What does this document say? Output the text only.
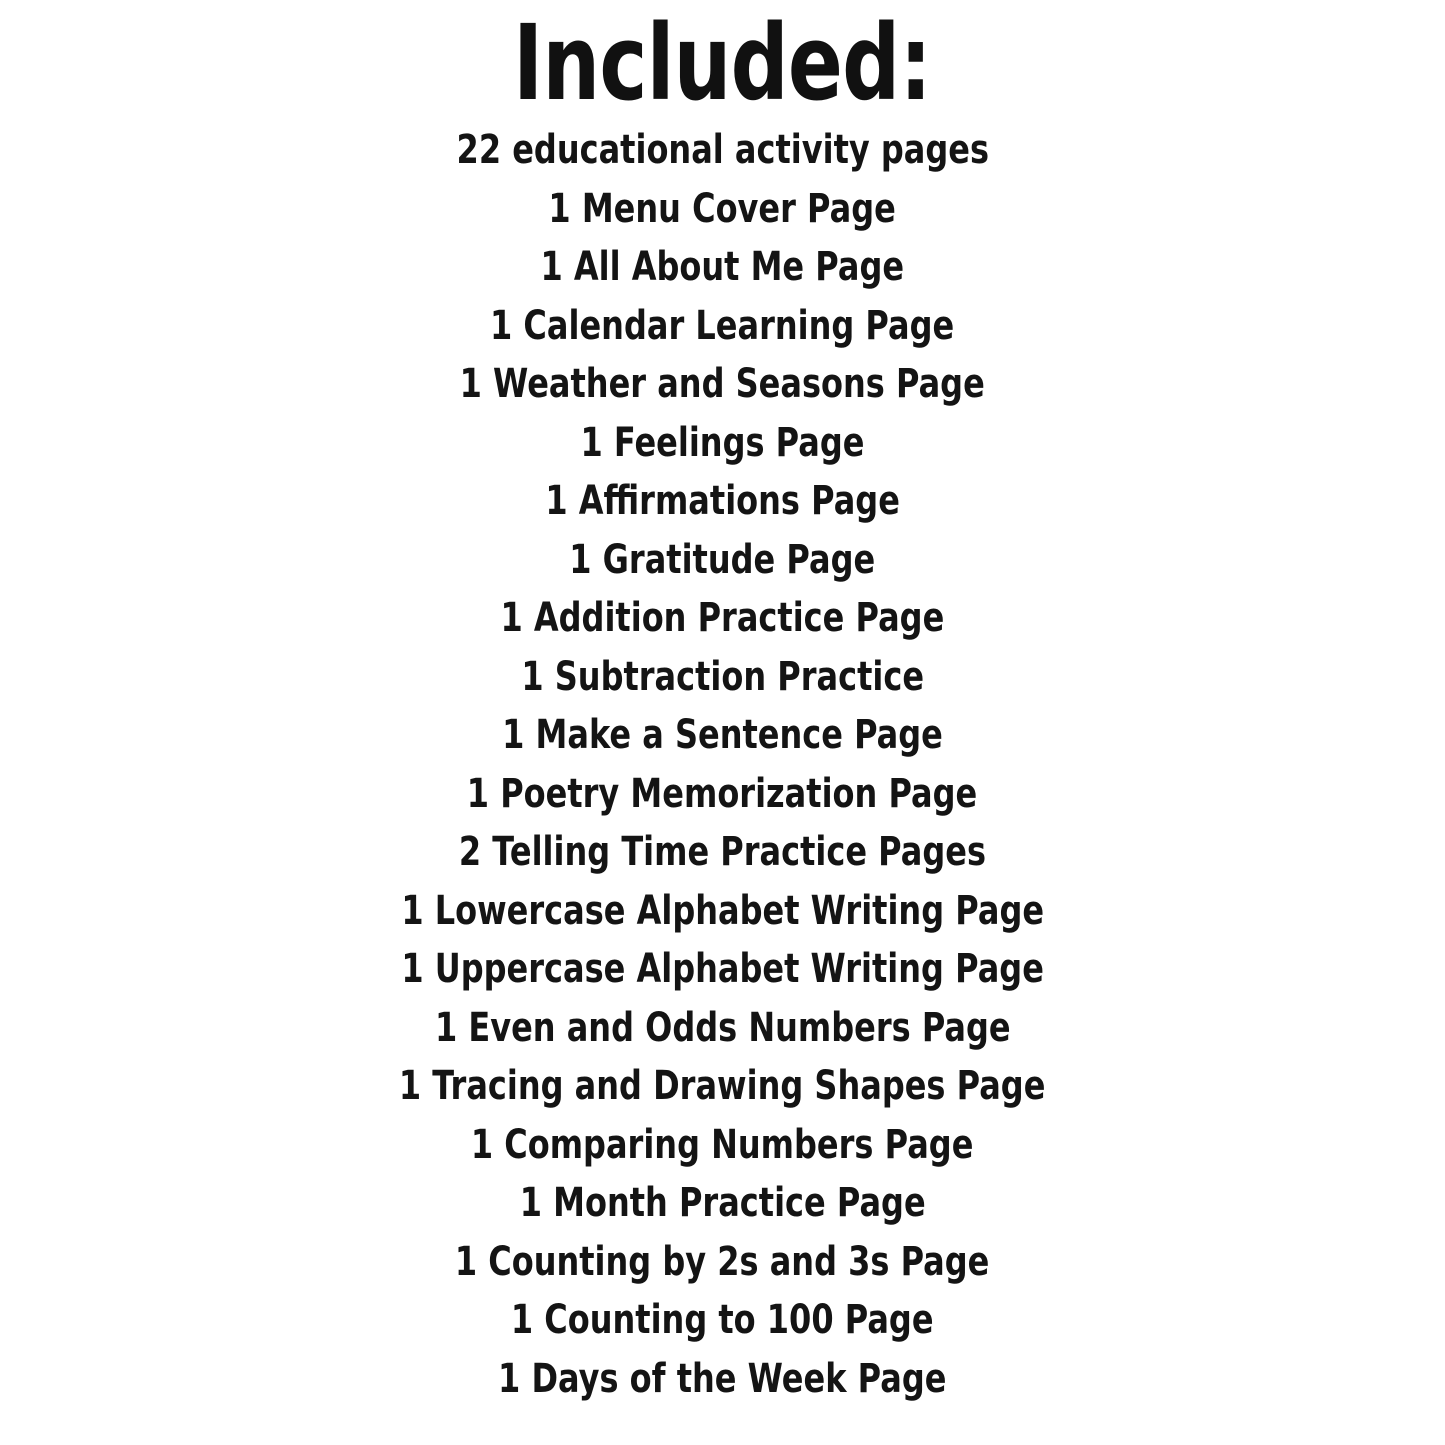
Included:
22 educational activity pages
1 Menu Cover Page
1 All About Me Page
1 Calendar Learning Page
1 Weather and Seasons Page
1 Feelings Page
1 Affirmations Page
1 Gratitude Page
1 Addition Practice Page
1 Subtraction Practice
1 Make a Sentence Page
1 Poetry Memorization Page
2 Telling Time Practice Pages
1 Lowercase Alphabet Writing Page
1 Uppercase Alphabet Writing Page
1 Even and Odds Numbers Page
1 Tracing and Drawing Shapes Page
1 Comparing Numbers Page
1 Month Practice Page
1 Counting by 2s and 3s Page
1 Counting to 100 Page
1 Days of the Week Page
